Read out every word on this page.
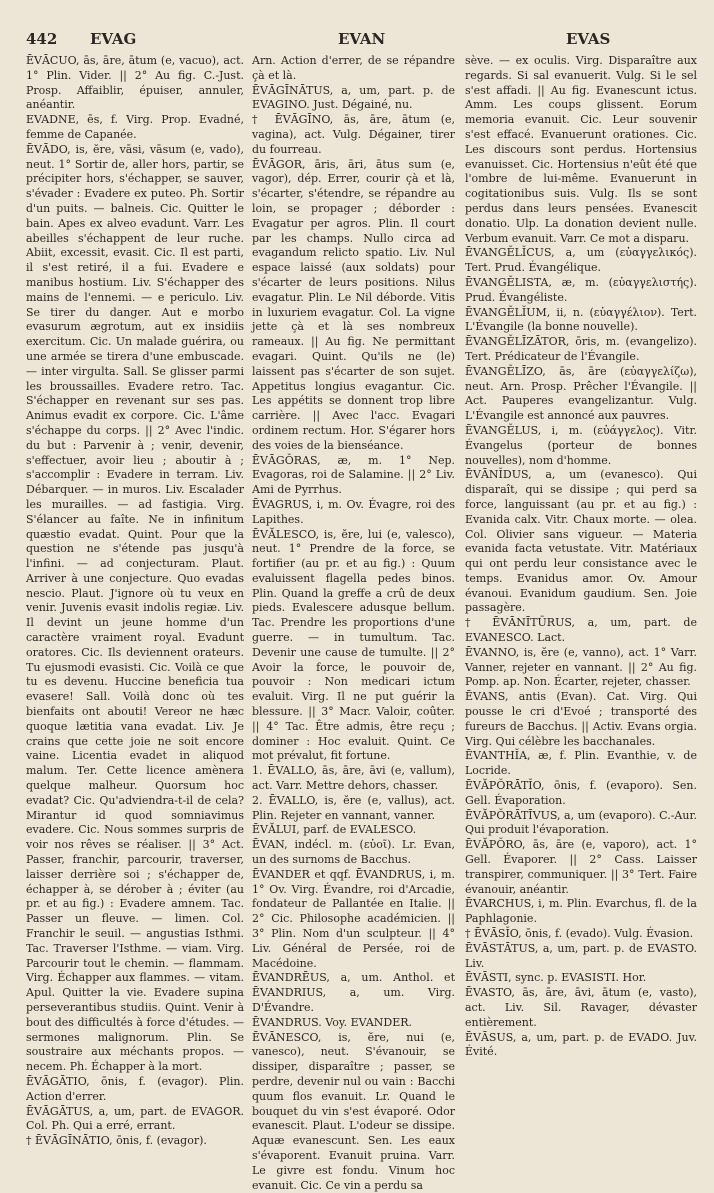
442 EVAG	EVAN	EVAS

ĒVĀCUO, ās, āre, ātum (e, vacuo), act. 1° Plin. Vider. || 2° Au fig. C.-Just. Prosp. Affaiblir, épuiser, annuler, anéantir.

EVADNE, ēs, f. Virg. Prop. Evadné, femme de Capanée.

ĒVĀDO, is, ĕre, vāsi, vāsum (e, vado), neut. 1° Sortir de, aller hors, partir, se précipiter hors, s'échapper, se sauver, s'évader : Evadere ex puteo. Ph. Sortir d'un puits. — balneis. Cic. Quitter le bain. Apes ex alveo evadunt. Varr. Les abeilles s'échappent de leur ruche. Abiit, excessit, evasit. Cic. Il est parti, il s'est retiré, il a fui. Evadere e manibus hostium. Liv. S'échapper des mains de l'ennemi. — e periculo. Liv. Se tirer du danger. Aut e morbo evasurum ægrotum, aut ex insidiis exercitum. Cic. Un malade guérira, ou une armée se tirera d'une embuscade. — inter virgulta. Sall. Se glisser parmi les broussailles. Evadere retro. Tac. S'échapper en revenant sur ses pas. Animus evadit ex corpore. Cic. L'âme s'échappe du corps. || 2° Avec l'indic. du but : Parvenir à ; venir, devenir, s'effectuer, avoir lieu ; aboutir à ; s'accomplir : Evadere in terram. Liv. Débarquer. — in muros. Liv. Escalader les murailles. — ad fastigia. Virg. S'élancer au faîte. Ne in infinitum quæstio evadat. Quint. Pour que la question ne s'étende pas jusqu'à l'infini. — ad conjecturam. Plaut. Arriver à une conjecture. Quo evadas nescio. Plaut. J'ignore où tu veux en venir. Juvenis evasit indolis regiæ. Liv. Il devint un jeune homme d'un caractère vraiment royal. Evadunt oratores. Cic. Ils deviennent orateurs. Tu ejusmodi evasisti. Cic. Voilà ce que tu es devenu. Huccine beneficia tua evasere! Sall. Voilà donc où tes bienfaits ont abouti! Vereor ne hæc quoque lætitia vana evadat. Liv. Je crains que cette joie ne soit encore vaine. Licentia evadet in aliquod malum. Ter. Cette licence amènera quelque malheur. Quorsum hoc evadat? Cic. Qu'adviendra-t-il de cela? Mirantur id quod somniavimus evadere. Cic. Nous sommes surpris de voir nos rêves se réaliser. || 3° Act. Passer, franchir, parcourir, traverser, laisser derrière soi ; s'échapper de, échapper à, se dérober à ; éviter (au pr. et au fig.) : Evadere amnem. Tac. Passer un fleuve. — limen. Col. Franchir le seuil. — angustias Isthmi. Tac. Traverser l'Isthme. — viam. Virg. Parcourir tout le chemin. — flammam. Virg. Échapper aux flammes. — vitam. Apul. Quitter la vie. Evadere supina perseverantibus studiis. Quint. Venir à bout des difficultés à force d'études. — sermones malignorum. Plin. Se soustraire aux méchants propos. — necem. Ph. Échapper à la mort.

ĒVĀGĀTIO, ōnis, f. (evagor). Plin. Action d'errer.

ĒVĀGĀTUS, a, um, part. de EVAGOR. Col. Ph. Qui a erré, errant.

† ĒVĀGĪNĀTIO, ōnis, f. (evagor).

Arn. Action d'errer, de se répandre çà et là.

ĒVĀGĪNĀTUS, a, um, part. p. de EVAGINO. Just. Dégainé, nu.

† ĒVĀGĪNO, ās, āre, ātum (e, vagina), act. Vulg. Dégainer, tirer du fourreau.

ĒVĀGOR, āris, āri, ātus sum (e, vagor), dép. Errer, courir çà et là, s'écarter, s'étendre, se répandre au loin, se propager ; déborder : Evagatur per agros. Plin. Il court par les champs. Nullo circa ad evagandum relicto spatio. Liv. Nul espace laissé (aux soldats) pour s'écarter de leurs positions. Nilus evagatur. Plin. Le Nil déborde. Vitis in luxuriem evagatur. Col. La vigne jette çà et là ses nombreux rameaux. || Au fig. Ne permittant evagari. Quint. Qu'ils ne (le) laissent pas s'écarter de son sujet. Appetitus longius evagantur. Cic. Les appétits se donnent trop libre carrière. || Avec l'acc. Evagari ordinem rectum. Hor. S'égarer hors des voies de la bienséance.

ĒVĀGŎRAS, æ, m. 1° Nep. Evagoras, roi de Salamine. || 2° Liv. Ami de Pyrrhus.

ĒVAGRUS, i, m. Ov. Évagre, roi des Lapithes.

ĒVĂLESCO, is, ĕre, lui (e, valesco), neut. 1° Prendre de la force, se fortifier (au pr. et au fig.) : Quum evaluissent flagella pedes binos. Plin. Quand la greffe a crû de deux pieds. Evalescere adusque bellum. Tac. Prendre les proportions d'une guerre. — in tumultum. Tac. Devenir une cause de tumulte. || 2° Avoir la force, le pouvoir de, pouvoir : Non medicari ictum evaluit. Virg. Il ne put guérir la blessure. || 3° Macr. Valoir, coûter. || 4° Tac. Être admis, être reçu ; dominer : Hoc evaluit. Quint. Ce mot prévalut, fit fortune.

1. ĒVALLO, ās, āre, āvi (e, vallum), act. Varr. Mettre dehors, chasser.

2. ĒVALLO, is, ĕre (e, vallus), act. Plin. Rejeter en vannant, vanner.

ĒVĂLUI, parf. de EVALESCO.

ĒVAN, indécl. m. (εὐοῖ). Lr. Evan, un des surnoms de Bacchus.

ĒVANDER et qqf. ĒVANDRUS, i, m. 1° Ov. Virg. Évandre, roi d'Arcadie, fondateur de Pallantée en Italie. || 2° Cic. Philosophe académicien. || 3° Plin. Nom d'un sculpteur. || 4° Liv. Général de Persée, roi de Macédoine.

ĒVANDRĒUS, a, um. Anthol. et ĒVANDRIUS, a, um. Virg. D'Évandre.

ĒVANDRUS. Voy. EVANDER.

ĒVĀNESCO, is, ĕre, nui (e, vanesco), neut. S'évanouir, se dissiper, disparaître ; passer, se perdre, devenir nul ou vain : Bacchi quum flos evanuit. Lr. Quand le bouquet du vin s'est évaporé. Odor evanescit. Plaut. L'odeur se dissipe. Aquæ evanescunt. Sen. Les eaux s'évaporent. Evanuit pruina. Varr. Le givre est fondu. Vinum hoc evanuit. Cic. Ce vin a perdu sa

sève. — ex oculis. Virg. Disparaître aux regards. Si sal evanuerit. Vulg. Si le sel s'est affadi. || Au fig. Evanescunt ictus. Amm. Les coups glissent. Eorum memoria evanuit. Cic. Leur souvenir s'est effacé. Evanuerunt orationes. Cic. Les discours sont perdus. Hortensius evanuisset. Cic. Hortensius n'eût été que l'ombre de lui-même. Evanuerunt in cogitationibus suis. Vulg. Ils se sont perdus dans leurs pensées. Evanescit donatio. Ulp. La donation devient nulle. Verbum evanuit. Varr. Ce mot a disparu.

ĒVANGĔLĬCUS, a, um (εὐαγγελικός). Tert. Prud. Évangélique.

ĒVANGĔLISTA, æ, m. (εὐαγγελιστής). Prud. Évangéliste.

ĒVANGĔLĬUM, ii, n. (εὐαγγέλιον). Tert. L'Évangile (la bonne nouvelle).

ĒVANGĔLĪZĀTOR, ōris, m. (evangelizo). Tert. Prédicateur de l'Évangile.

ĒVANGĔLĪZO, ās, āre (εὐαγγελίζω), neut. Arn. Prosp. Prêcher l'Évangile. || Act. Pauperes evangelizantur. Vulg. L'Évangile est annoncé aux pauvres.

ĒVANGĔLUS, i, m. (εὐάγγελος). Vitr. Évangelus (porteur de bonnes nouvelles), nom d'homme.

ĒVĀNĬDUS, a, um (evanesco). Qui disparaît, qui se dissipe ; qui perd sa force, languissant (au pr. et au fig.) : Evanida calx. Vitr. Chaux morte. — olea. Col. Olivier sans vigueur. — Materia evanida facta vetustate. Vitr. Matériaux qui ont perdu leur consistance avec le temps. Evanidus amor. Ov. Amour évanoui. Evanidum gaudium. Sen. Joie passagère.

† ĒVĀNĪTŪRUS, a, um, part. de EVANESCO. Lact.

ĒVANNO, is, ĕre (e, vanno), act. 1° Varr. Vanner, rejeter en vannant. || 2° Au fig. Pomp. ap. Non. Écarter, rejeter, chasser.

ĒVANS, antis (Evan). Cat. Virg. Qui pousse le cri d'Evoé ; transporté des fureurs de Bacchus. || Activ. Evans orgia. Virg. Qui célèbre les bacchanales.

ĒVANTHĬA, æ, f. Plin. Evanthie, v. de Locride.

ĒVĂPŎRĀTĬO, ōnis, f. (evaporo). Sen. Gell. Évaporation.

ĒVĂPŎRĀTĪVUS, a, um (evaporo). C.-Aur. Qui produit l'évaporation.

ĒVĂPŎRO, ās, āre (e, vaporo), act. 1° Gell. Évaporer. || 2° Cass. Laisser transpirer, communiquer. || 3° Tert. Faire évanouir, anéantir.

ĒVARCHUS, i, m. Plin. Evarchus, fl. de la Paphlagonie.

† ĒVĀSĬO, ōnis, f. (evado). Vulg. Évasion.

ĒVĀSTĀTUS, a, um, part. p. de EVASTO. Liv.

ĒVĀSTI, sync. p. EVASISTI. Hor.

ĒVASTO, ās, āre, āvi, ātum (e, vasto), act. Liv. Sil. Ravager, dévaster entièrement.

ĒVĀSUS, a, um, part. p. de EVADO. Juv. Évité.
